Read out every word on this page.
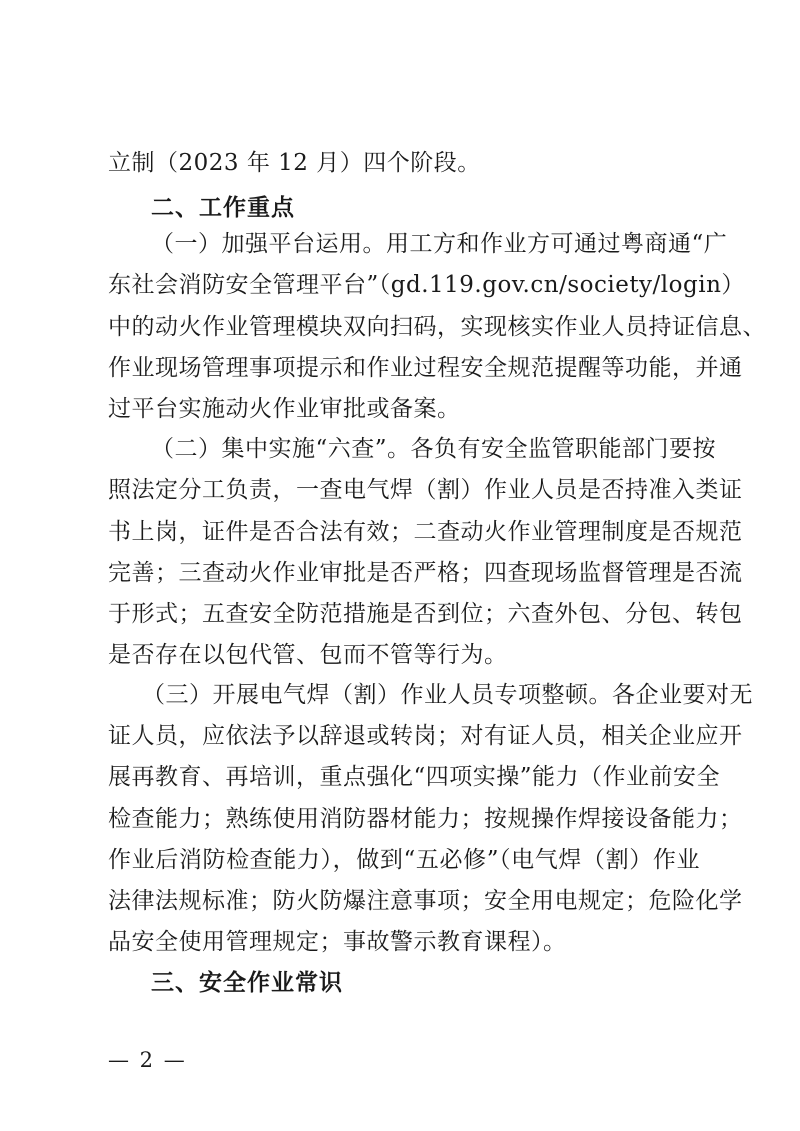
立制（2023 年 12 月）四个阶段。
二、工作重点
（一）加强平台运用。用工方和作业方可通过粤商通“广
东社会消防安全管理平台”（gd.119.gov.cn/society/login）
中的动火作业管理模块双向扫码，实现核实作业人员持证信息、
作业现场管理事项提示和作业过程安全规范提醒等功能，并通
过平台实施动火作业审批或备案。
（二）集中实施“六查”。各负有安全监管职能部门要按
照法定分工负责，一查电气焊（割）作业人员是否持准入类证
书上岗，证件是否合法有效；二查动火作业管理制度是否规范
完善；三查动火作业审批是否严格；四查现场监督管理是否流
于形式；五查安全防范措施是否到位；六查外包、分包、转包
是否存在以包代管、包而不管等行为。
（三）开展电气焊（割）作业人员专项整顿。各企业要对无
证人员，应依法予以辞退或转岗；对有证人员，相关企业应开
展再教育、再培训，重点强化“四项实操”能力（作业前安全
检查能力；熟练使用消防器材能力；按规操作焊接设备能力；
作业后消防检查能力），做到“五必修”（电气焊（割）作业
法律法规标准；防火防爆注意事项；安全用电规定；危险化学
品安全使用管理规定；事故警示教育课程）。
三、安全作业常识
— 2 —
